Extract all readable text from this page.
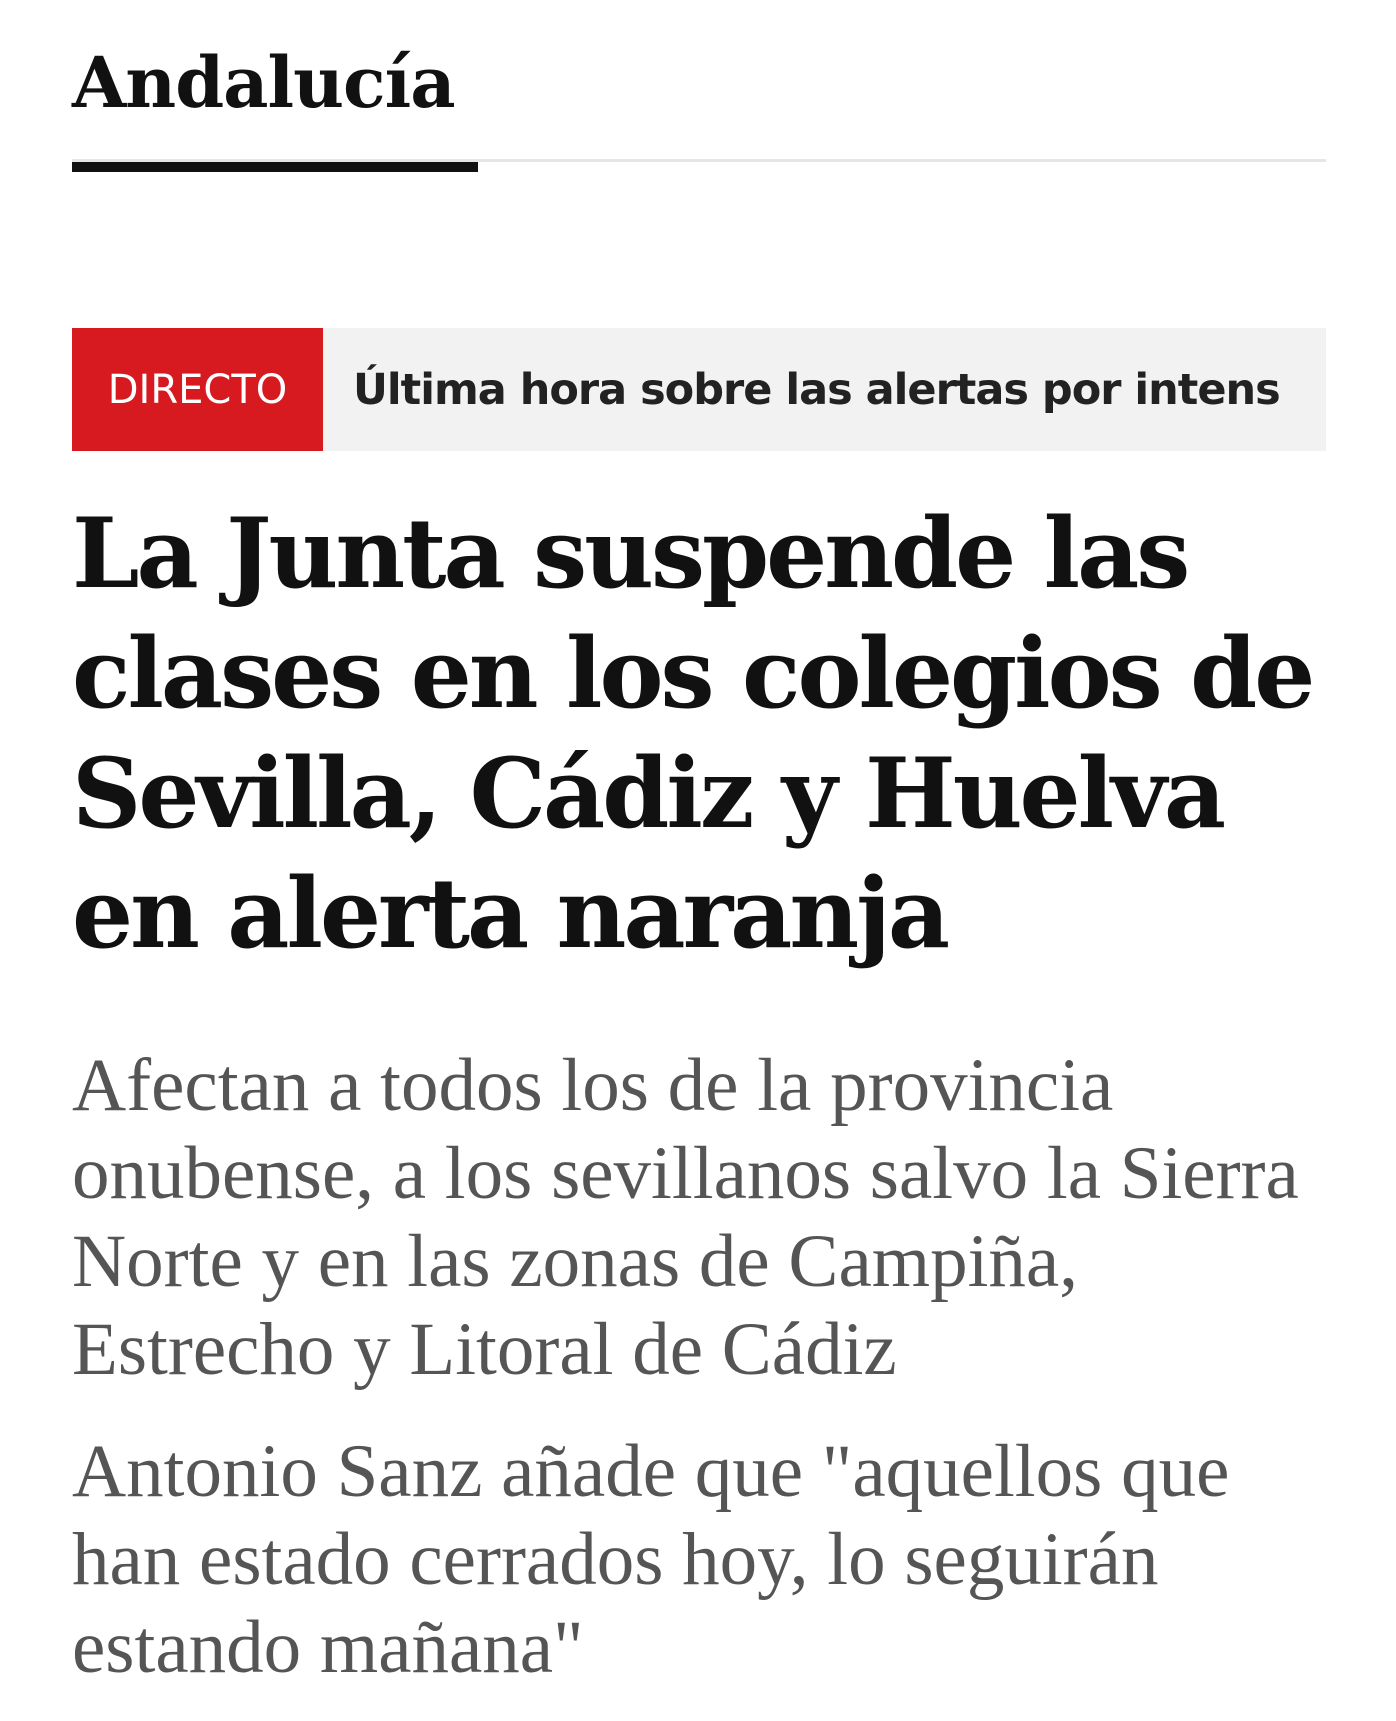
Andalucía
DIRECTO	Última hora sobre las alertas por intens
La Junta suspende las clases en los colegios de Sevilla, Cádiz y Huelva en alerta naranja
Afectan a todos los de la provincia onubense, a los sevillanos salvo la Sierra Norte y en las zonas de Campiña, Estrecho y Litoral de Cádiz
Antonio Sanz añade que "aquellos que han estado cerrados hoy, lo seguirán estando mañana"
